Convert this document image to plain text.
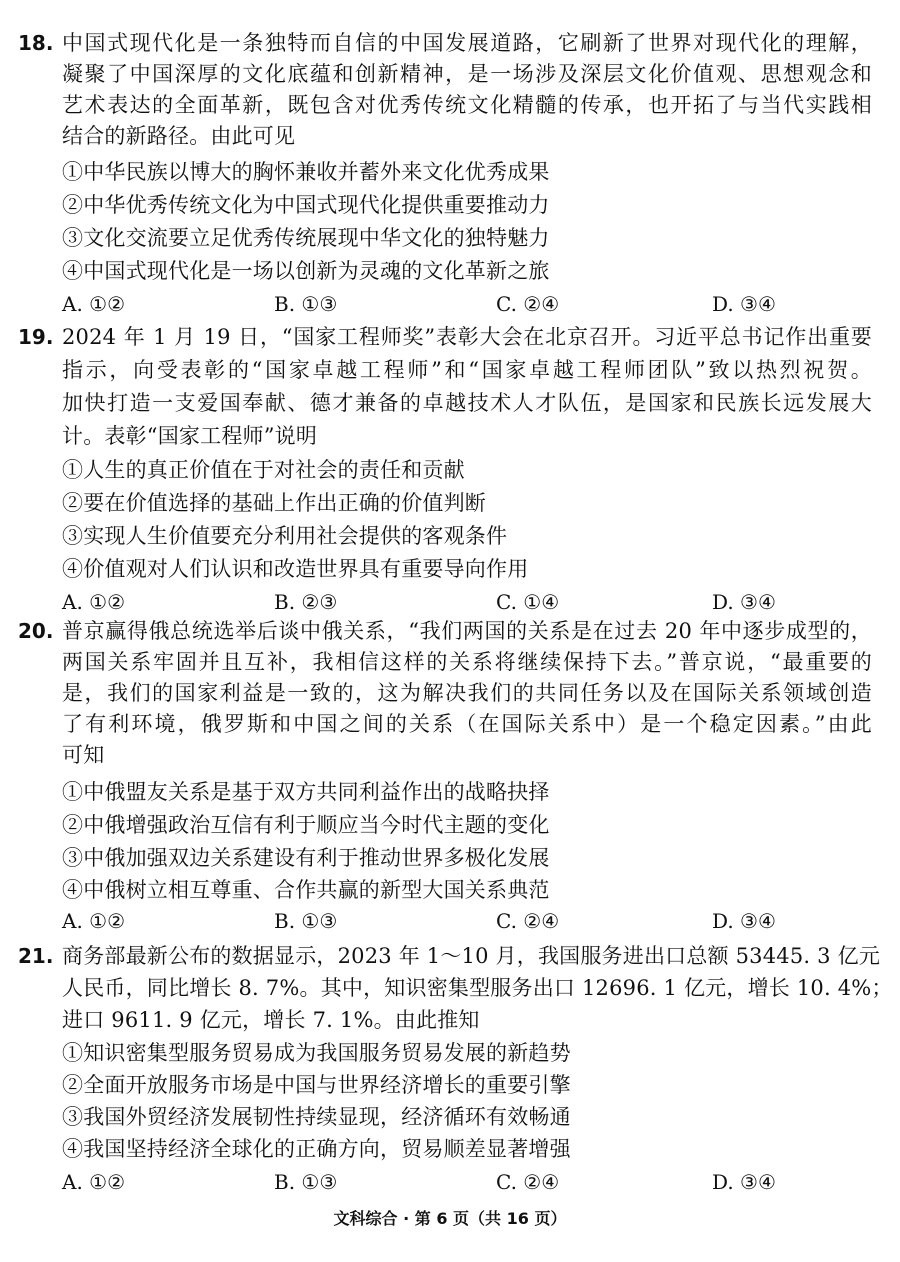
18. 中国式现代化是一条独特而自信的中国发展道路，它刷新了世界对现代化的理解，
凝聚了中国深厚的文化底蕴和创新精神，是一场涉及深层文化价值观、思想观念和
艺术表达的全面革新，既包含对优秀传统文化精髓的传承，也开拓了与当代实践相
结合的新路径。由此可见
①中华民族以博大的胸怀兼收并蓄外来文化优秀成果
②中华优秀传统文化为中国式现代化提供重要推动力
③文化交流要立足优秀传统展现中华文化的独特魅力
④中国式现代化是一场以创新为灵魂的文化革新之旅
A. ①②	B. ①③	C. ②④	D. ③④
19. 2024 年 1 月 19 日，“国家工程师奖”表彰大会在北京召开。习近平总书记作出重要
指示，向受表彰的“国家卓越工程师”和“国家卓越工程师团队”致以热烈祝贺。
加快打造一支爱国奉献、德才兼备的卓越技术人才队伍，是国家和民族长远发展大
计。表彰“国家工程师”说明
①人生的真正价值在于对社会的责任和贡献
②要在价值选择的基础上作出正确的价值判断
③实现人生价值要充分利用社会提供的客观条件
④价值观对人们认识和改造世界具有重要导向作用
A. ①②	B. ②③	C. ①④	D. ③④
20. 普京赢得俄总统选举后谈中俄关系，“我们两国的关系是在过去 20 年中逐步成型的，
两国关系牢固并且互补，我相信这样的关系将继续保持下去。”普京说，“最重要的
是，我们的国家利益是一致的，这为解决我们的共同任务以及在国际关系领域创造
了有利环境，俄罗斯和中国之间的关系（在国际关系中）是一个稳定因素。”由此
可知
①中俄盟友关系是基于双方共同利益作出的战略抉择
②中俄增强政治互信有利于顺应当今时代主题的变化
③中俄加强双边关系建设有利于推动世界多极化发展
④中俄树立相互尊重、合作共赢的新型大国关系典范
A. ①②	B. ①③	C. ②④	D. ③④
21. 商务部最新公布的数据显示，2023 年 1～10 月，我国服务进出口总额 53445. 3 亿元
人民币，同比增长 8. 7%。其中，知识密集型服务出口 12696. 1 亿元，增长 10. 4%；
进口 9611. 9 亿元，增长 7. 1%。由此推知
①知识密集型服务贸易成为我国服务贸易发展的新趋势
②全面开放服务市场是中国与世界经济增长的重要引擎
③我国外贸经济发展韧性持续显现，经济循环有效畅通
④我国坚持经济全球化的正确方向，贸易顺差显著增强
A. ①②	B. ①③	C. ②④	D. ③④
文科综合 · 第 6 页（共 16 页）
